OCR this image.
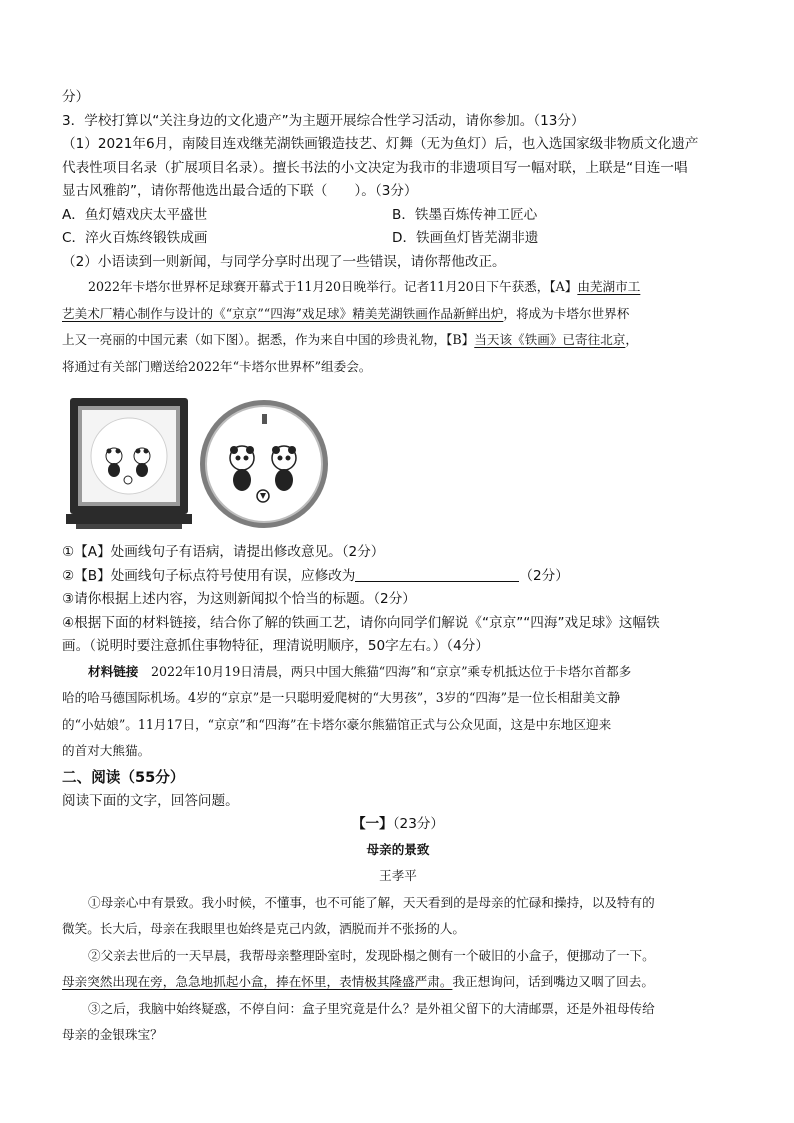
分）
3．学校打算以“关注身边的文化遗产”为主题开展综合性学习活动，请你参加。（13分）
（1）2021年6月，南陵目连戏继芜湖铁画锻造技艺、灯舞（无为鱼灯）后，也入选国家级非物质文化遗产
代表性项目名录（扩展项目名录）。擅长书法的小文决定为我市的非遗项目写一幅对联，上联是“目连一唱
显古风雅韵”，请你帮他选出最合适的下联（　　）。（3分）
A．鱼灯嬉戏庆太平盛世	B．铁墨百炼传神工匠心
C．淬火百炼终锻铁成画	D．铁画鱼灯皆芜湖非遗
（2）小语读到一则新闻，与同学分享时出现了一些错误，请你帮他改正。
2022年卡塔尔世界杯足球赛开幕式于11月20日晚举行。记者11月20日下午获悉，【A】由芜湖市工
艺美术厂精心制作与设计的《“京京”“四海”戏足球》精美芜湖铁画作品新鲜出炉，将成为卡塔尔世界杯
上又一亮丽的中国元素（如下图）。据悉，作为来自中国的珍贵礼物，【B】当天该《铁画》已寄往北京，
将通过有关部门赠送给2022年“卡塔尔世界杯”组委会。
①【A】处画线句子有语病，请提出修改意见。（2分）
②【B】处画线句子标点符号使用有误，应修改为	（2分）
③请你根据上述内容，为这则新闻拟个恰当的标题。（2分）
④根据下面的材料链接，结合你了解的铁画工艺，请你向同学们解说《“京京”“四海”戏足球》这幅铁
画。（说明时要注意抓住事物特征，理清说明顺序，50字左右。）（4分）
材料链接　2022年10月19日清晨，两只中国大熊猫“四海”和“京京”乘专机抵达位于卡塔尔首都多
哈的哈马德国际机场。4岁的“京京”是一只聪明爱爬树的“大男孩”，3岁的“四海”是一位长相甜美文静
的“小姑娘”。11月17日，“京京”和“四海”在卡塔尔豪尔熊猫馆正式与公众见面，这是中东地区迎来
的首对大熊猫。
二、阅读（55分）
阅读下面的文字，回答问题。
【一】（23分）
母亲的景致
王孝平
①母亲心中有景致。我小时候，不懂事，也不可能了解，天天看到的是母亲的忙碌和操持，以及特有的
微笑。长大后，母亲在我眼里也始终是克己内敛，洒脱而并不张扬的人。
②父亲去世后的一天早晨，我帮母亲整理卧室时，发现卧榻之侧有一个破旧的小盒子，便挪动了一下。
母亲突然出现在旁，急急地抓起小盒，捧在怀里，表情极其隆盛严肃。我正想询问，话到嘴边又咽了回去。
③之后，我脑中始终疑惑，不停自问：盒子里究竟是什么？是外祖父留下的大清邮票，还是外祖母传给
母亲的金银珠宝？
